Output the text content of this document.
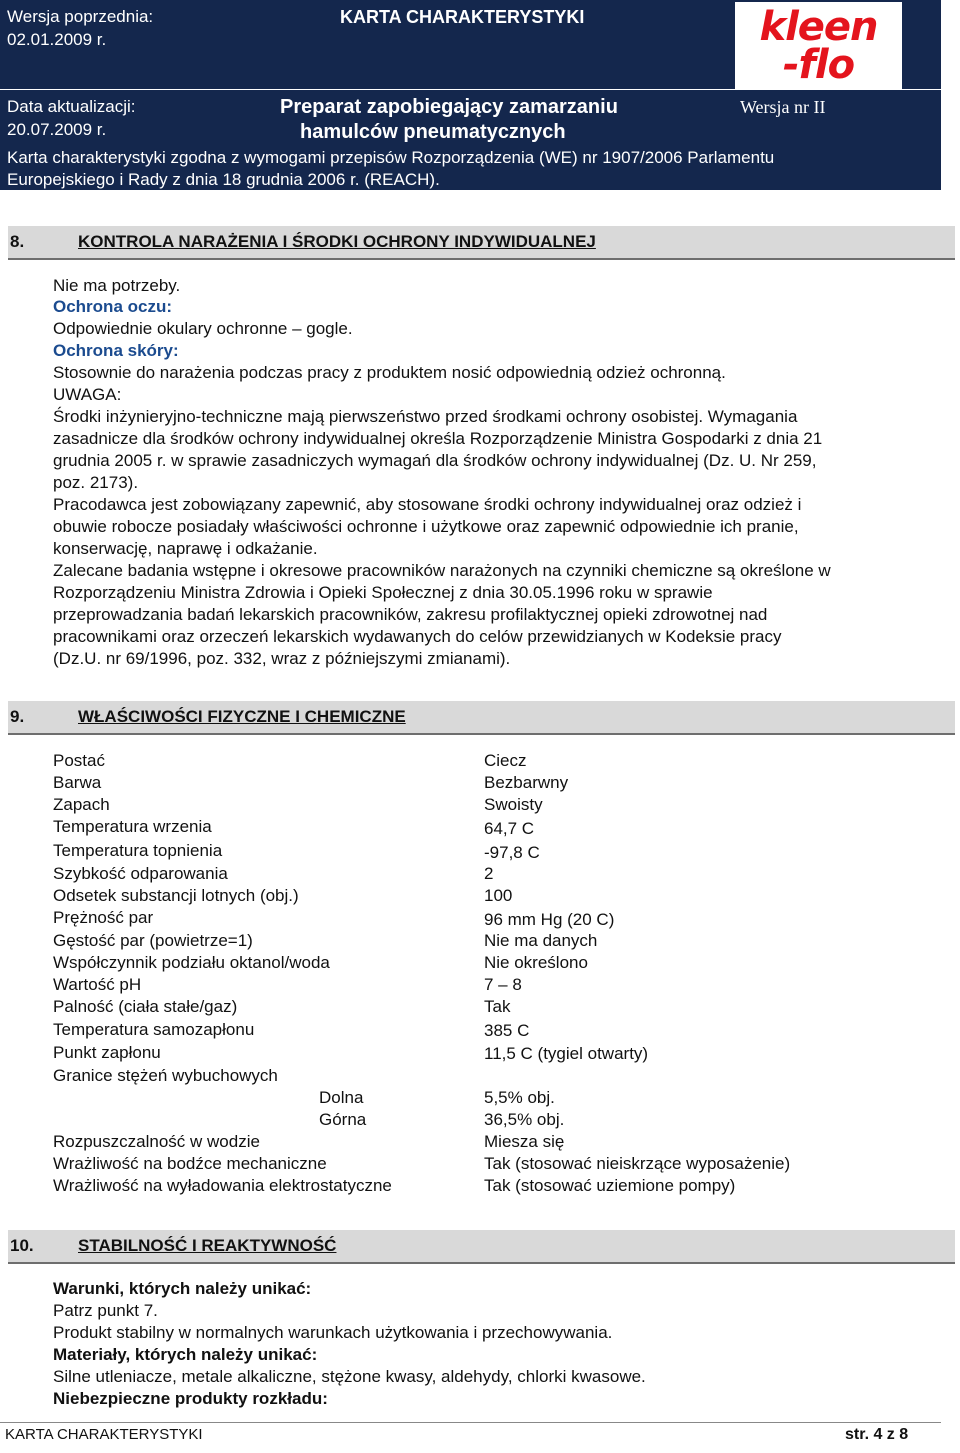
Wersja poprzednia:
02.01.2009 r.
KARTA CHARAKTERYSTYKI
Data aktualizacji:
20.07.2009 r.
Preparat zapobiegający zamarzaniu
hamulców pneumatycznych
Wersja nr II
Karta charakterystyki zgodna z wymogami przepisów Rozporządzenia (WE) nr 1907/2006 Parlamentu
Europejskiego i Rady z dnia 18 grudnia 2006 r. (REACH).
kleen
-flo
8.	KONTROLA NARAŻENIA I ŚRODKI OCHRONY INDYWIDUALNEJ
Nie ma potrzeby.
Ochrona oczu:
Odpowiednie okulary ochronne – gogle.
Ochrona skóry:
Stosownie do narażenia podczas pracy z produktem nosić odpowiednią odzież ochronną.
UWAGA:
Środki inżynieryjno-techniczne mają pierwszeństwo przed środkami ochrony osobistej. Wymagania
zasadnicze dla środków ochrony indywidualnej określa Rozporządzenie Ministra Gospodarki z dnia 21
grudnia 2005 r. w sprawie zasadniczych wymagań dla środków ochrony indywidualnej (Dz. U. Nr 259,
poz. 2173).
Pracodawca jest zobowiązany zapewnić, aby stosowane środki ochrony indywidualnej oraz odzież i
obuwie robocze posiadały właściwości ochronne i użytkowe oraz zapewnić odpowiednie ich pranie,
konserwację, naprawę i odkażanie.
Zalecane badania wstępne i okresowe pracowników narażonych na czynniki chemiczne są określone w
Rozporządzeniu Ministra Zdrowia i Opieki Społecznej z dnia 30.05.1996 roku w sprawie
przeprowadzania badań lekarskich pracowników, zakresu profilaktycznej opieki zdrowotnej nad
pracownikami oraz orzeczeń lekarskich wydawanych do celów przewidzianych w Kodeksie pracy
(Dz.U. nr 69/1996, poz. 332, wraz z późniejszymi zmianami).
9.	WŁAŚCIWOŚCI FIZYCZNE I CHEMICZNE
Postać	Ciecz
Barwa	Bezbarwny
Zapach	Swoisty
Temperatura wrzenia	64,7 C
Temperatura topnienia	-97,8 C
Szybkość odparowania	2
Odsetek substancji lotnych (obj.)	100
Prężność par	96 mm Hg (20 C)
Gęstość par (powietrze=1)	Nie ma danych
Współczynnik podziału oktanol/woda	Nie określono
Wartość pH	7 – 8
Palność (ciała stałe/gaz)	Tak
Temperatura samozapłonu	385 C
Punkt zapłonu	11,5 C (tygiel otwarty)
Granice stężeń wybuchowych
Dolna	5,5% obj.
Górna	36,5% obj.
Rozpuszczalność w wodzie	Miesza się
Wrażliwość na bodźce mechaniczne	Tak (stosować nieiskrzące wyposażenie)
Wrażliwość na wyładowania elektrostatyczne	Tak (stosować uziemione pompy)
10.	STABILNOŚĆ I REAKTYWNOŚĆ
Warunki, których należy unikać:
Patrz punkt 7.
Produkt stabilny w normalnych warunkach użytkowania i przechowywania.
Materiały, których należy unikać:
Silne utleniacze, metale alkaliczne, stężone kwasy, aldehydy, chlorki kwasowe.
Niebezpieczne produkty rozkładu:
KARTA CHARAKTERYSTYKI	str. 4 z 8
